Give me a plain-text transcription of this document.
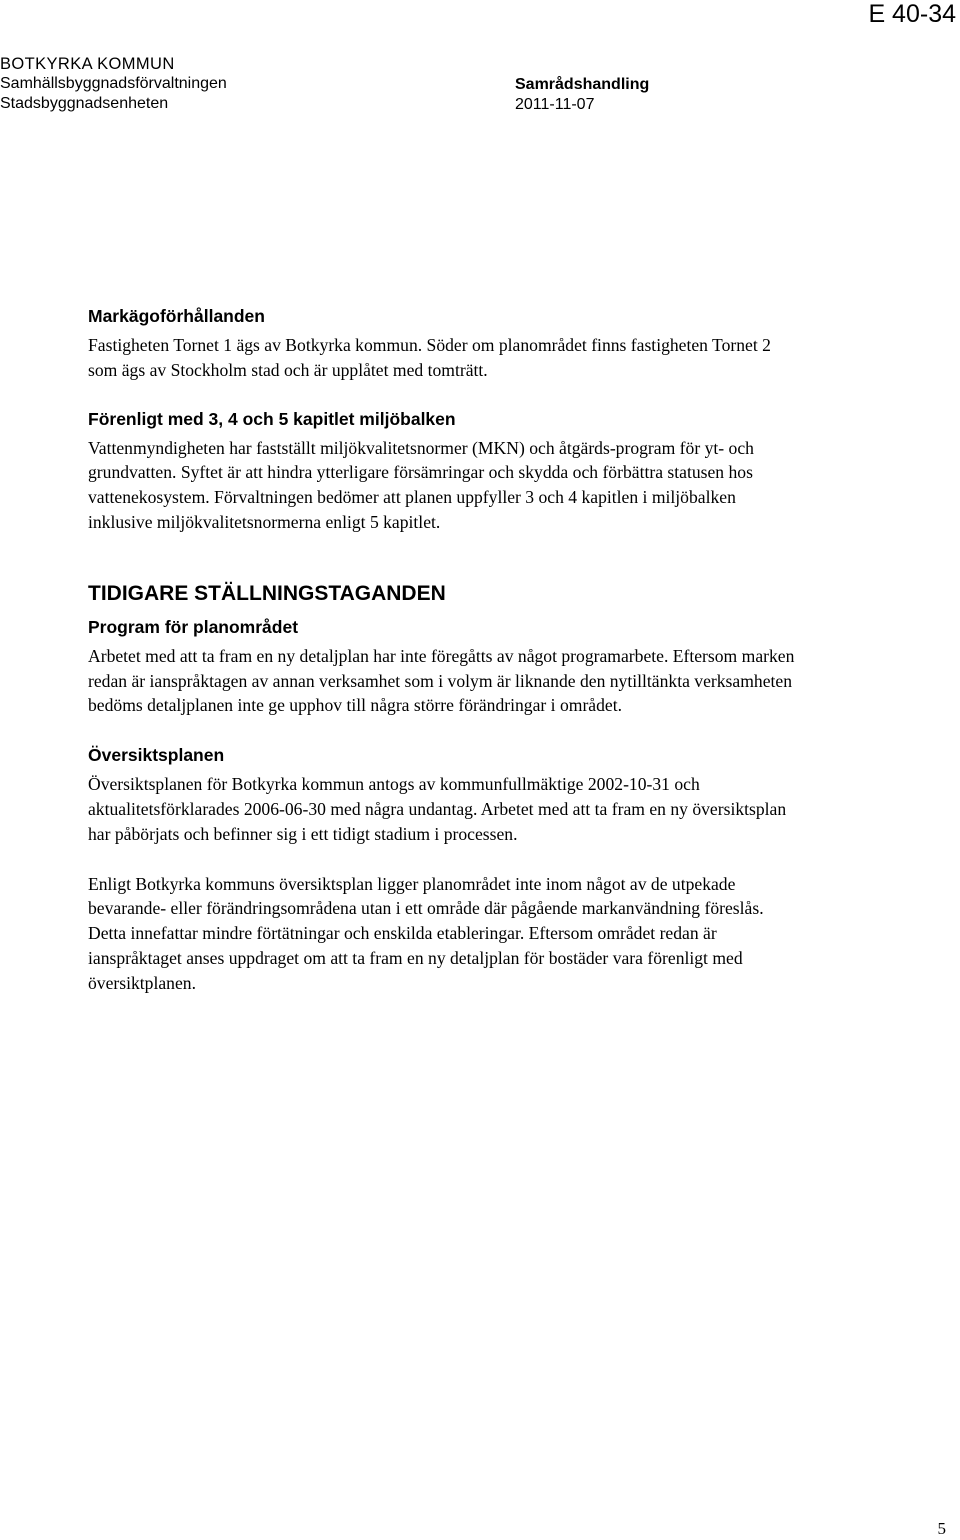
E 40-34
BOTKYRKA KOMMUN
Samhällsbyggnadsförvaltningen
Stadsbyggnadsenheten
Samrådshandling
2011-11-07
Markägoförhållanden

Fastigheten Tornet 1 ägs av Botkyrka kommun. Söder om planområdet finns fastigheten Tornet 2 som ägs av Stockholm stad och är upplåtet med tomträtt.

Förenligt med 3, 4 och 5 kapitlet miljöbalken

Vattenmyndigheten har fastställt miljökvalitetsnormer (MKN) och åtgärds-program för yt- och grundvatten. Syftet är att hindra ytterligare försämringar och skydda och förbättra statusen hos vattenekosystem. Förvaltningen bedömer att planen uppfyller 3 och 4 kapitlen i miljöbalken inklusive miljökvalitetsnormerna enligt 5 kapitlet.

TIDIGARE STÄLLNINGSTAGANDEN
Program för planområdet

Arbetet med att ta fram en ny detaljplan har inte föregåtts av något programarbete. Eftersom marken redan är ianspråktagen av annan verksamhet som i volym är liknande den nytilltänkta verksamheten bedöms detaljplanen inte ge upphov till några större förändringar i området.

Översiktsplanen

Översiktsplanen för Botkyrka kommun antogs av kommunfullmäktige 2002-10-31 och aktualitetsförklarades 2006-06-30 med några undantag. Arbetet med att ta fram en ny översiktsplan har påbörjats och befinner sig i ett tidigt stadium i processen.

Enligt Botkyrka kommuns översiktsplan ligger planområdet inte inom något av de utpekade bevarande- eller förändringsområdena utan i ett område där pågående markanvändning föreslås. Detta innefattar mindre förtätningar och enskilda etableringar. Eftersom området redan är ianspråktaget anses uppdraget om att ta fram en ny detaljplan för bostäder vara förenligt med översiktplanen.

5
